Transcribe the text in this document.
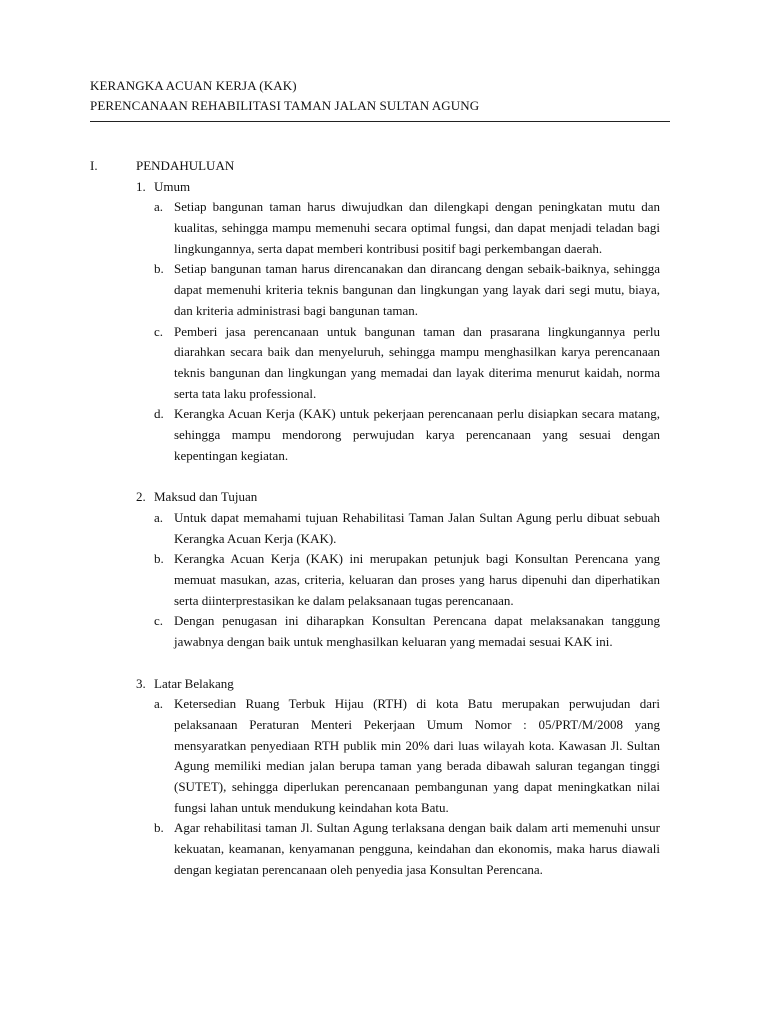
KERANGKA ACUAN KERJA (KAK)
PERENCANAAN REHABILITASI TAMAN JALAN SULTAN AGUNG
I.	PENDAHULUAN
1. Umum
a. Setiap bangunan taman harus diwujudkan dan dilengkapi dengan peningkatan mutu dan kualitas, sehingga mampu memenuhi secara optimal fungsi, dan dapat menjadi teladan bagi lingkungannya, serta dapat memberi kontribusi positif bagi perkembangan daerah.
b. Setiap bangunan taman harus direncanakan dan dirancang dengan sebaik-baiknya, sehingga dapat memenuhi kriteria teknis bangunan dan lingkungan yang layak dari segi mutu, biaya, dan kriteria administrasi bagi bangunan taman.
c. Pemberi jasa perencanaan untuk bangunan taman dan prasarana lingkungannya perlu diarahkan secara baik dan menyeluruh, sehingga mampu menghasilkan karya perencanaan teknis bangunan dan lingkungan yang memadai dan layak diterima menurut kaidah, norma serta tata laku professional.
d. Kerangka Acuan Kerja (KAK) untuk pekerjaan perencanaan perlu disiapkan secara matang, sehingga mampu mendorong perwujudan karya perencanaan yang sesuai dengan kepentingan kegiatan.
2. Maksud dan Tujuan
a. Untuk dapat memahami tujuan Rehabilitasi Taman Jalan Sultan Agung perlu dibuat sebuah Kerangka Acuan Kerja (KAK).
b. Kerangka Acuan Kerja (KAK) ini merupakan petunjuk bagi Konsultan Perencana yang memuat masukan, azas, criteria, keluaran dan proses yang harus dipenuhi dan diperhatikan serta diinterprestasikan ke dalam pelaksanaan tugas perencanaan.
c. Dengan penugasan ini diharapkan Konsultan Perencana dapat melaksanakan tanggung jawabnya dengan baik untuk menghasilkan keluaran yang memadai sesuai KAK ini.
3. Latar Belakang
a. Ketersedian Ruang Terbuk Hijau (RTH) di kota Batu merupakan perwujudan dari pelaksanaan Peraturan Menteri Pekerjaan Umum Nomor : 05/PRT/M/2008 yang mensyaratkan penyediaan RTH publik min 20% dari luas wilayah kota. Kawasan Jl. Sultan Agung memiliki median jalan berupa taman yang berada dibawah saluran tegangan tinggi (SUTET), sehingga diperlukan perencanaan pembangunan yang dapat meningkatkan nilai fungsi lahan untuk mendukung keindahan kota Batu.
b. Agar rehabilitasi taman Jl. Sultan Agung terlaksana dengan baik dalam arti memenuhi unsur kekuatan, keamanan, kenyamanan pengguna, keindahan dan ekonomis, maka harus diawali dengan kegiatan perencanaan oleh penyedia jasa Konsultan Perencana.
